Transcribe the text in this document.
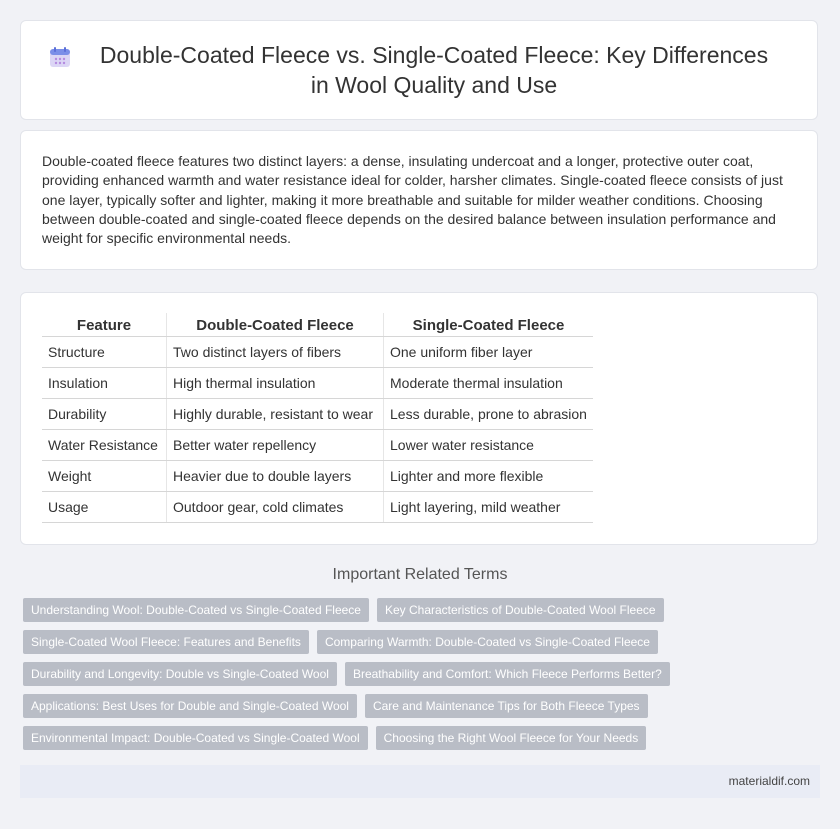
Double-Coated Fleece vs. Single-Coated Fleece: Key Differences in Wool Quality and Use

Double-coated fleece features two distinct layers: a dense, insulating undercoat and a longer, protective outer coat, providing enhanced warmth and water resistance ideal for colder, harsher climates. Single-coated fleece consists of just one layer, typically softer and lighter, making it more breathable and suitable for milder weather conditions. Choosing between double-coated and single-coated fleece depends on the desired balance between insulation performance and weight for specific environmental needs.

Feature	Double-Coated Fleece	Single-Coated Fleece
Structure	Two distinct layers of fibers	One uniform fiber layer
Insulation	High thermal insulation	Moderate thermal insulation
Durability	Highly durable, resistant to wear	Less durable, prone to abrasion
Water Resistance	Better water repellency	Lower water resistance
Weight	Heavier due to double layers	Lighter and more flexible
Usage	Outdoor gear, cold climates	Light layering, mild weather
Important Related Terms
Understanding Wool: Double-Coated vs Single-Coated Fleece	Key Characteristics of Double-Coated Wool Fleece
Single-Coated Wool Fleece: Features and Benefits	Comparing Warmth: Double-Coated vs Single-Coated Fleece
Durability and Longevity: Double vs Single-Coated Wool	Breathability and Comfort: Which Fleece Performs Better?
Applications: Best Uses for Double and Single-Coated Wool	Care and Maintenance Tips for Both Fleece Types
Environmental Impact: Double-Coated vs Single-Coated Wool	Choosing the Right Wool Fleece for Your Needs
materialdif.com
